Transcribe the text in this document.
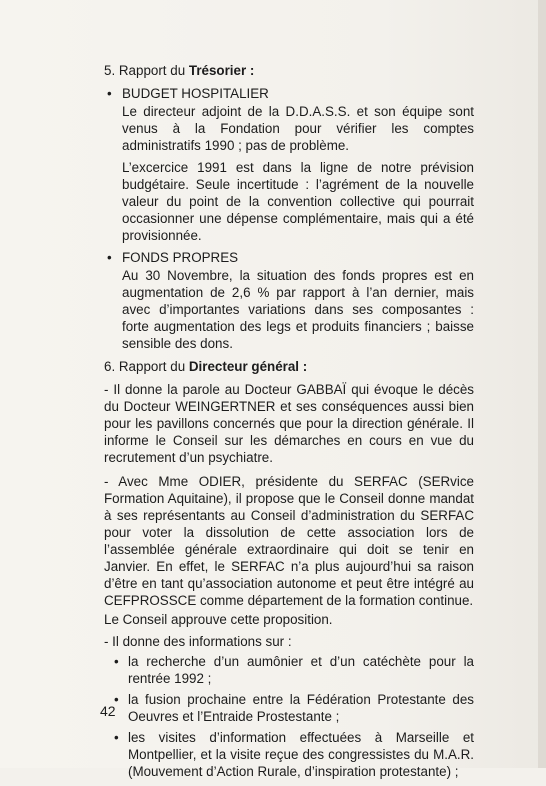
5. Rapport du Trésorier :
• BUDGET HOSPITALIER
Le directeur adjoint de la D.D.A.S.S. et son équipe sont venus à la Fondation pour vérifier les comptes administratifs 1990 ; pas de problème.
L’excercice 1991 est dans la ligne de notre prévision budgétaire. Seule incertitude : l’agrément de la nouvelle valeur du point de la convention collective qui pourrait occasionner une dépense complémentaire, mais qui a été provisionnée.
• FONDS PROPRES
Au 30 Novembre, la situation des fonds propres est en augmentation de 2,6 % par rapport à l’an dernier, mais avec d’importantes variations dans ses composantes : forte augmentation des legs et produits financiers ; baisse sensible des dons.
6. Rapport du Directeur général :
- Il donne la parole au Docteur GABBAÏ qui évoque le décès du Docteur WEINGERTNER et ses conséquences aussi bien pour les pavillons concernés que pour la direction générale. Il informe le Conseil sur les démarches en cours en vue du recrutement d’un psychiatre.
- Avec Mme ODIER, présidente du SERFAC (SERvice Formation Aquitaine), il propose que le Conseil donne mandat à ses représentants au Conseil d’administration du SERFAC pour voter la dissolution de cette association lors de l’assemblée générale extraordinaire qui doit se tenir en Janvier. En effet, le SERFAC n’a plus aujourd’hui sa raison d’être en tant qu’association autonome et peut être intégré au CEFPROSSCE comme département de la formation continue.
Le Conseil approuve cette proposition.
- Il donne des informations sur :
• la recherche d’un aumônier et d’un catéchète pour la rentrée 1992 ;
• la fusion prochaine entre la Fédération Protestante des Oeuvres et l’Entraide Prostestante ;
• les visites d’information effectuées à Marseille et Montpellier, et la visite reçue des congressistes du M.A.R. (Mouvement d’Action Rurale, d’inspiration protestante) ;
42
